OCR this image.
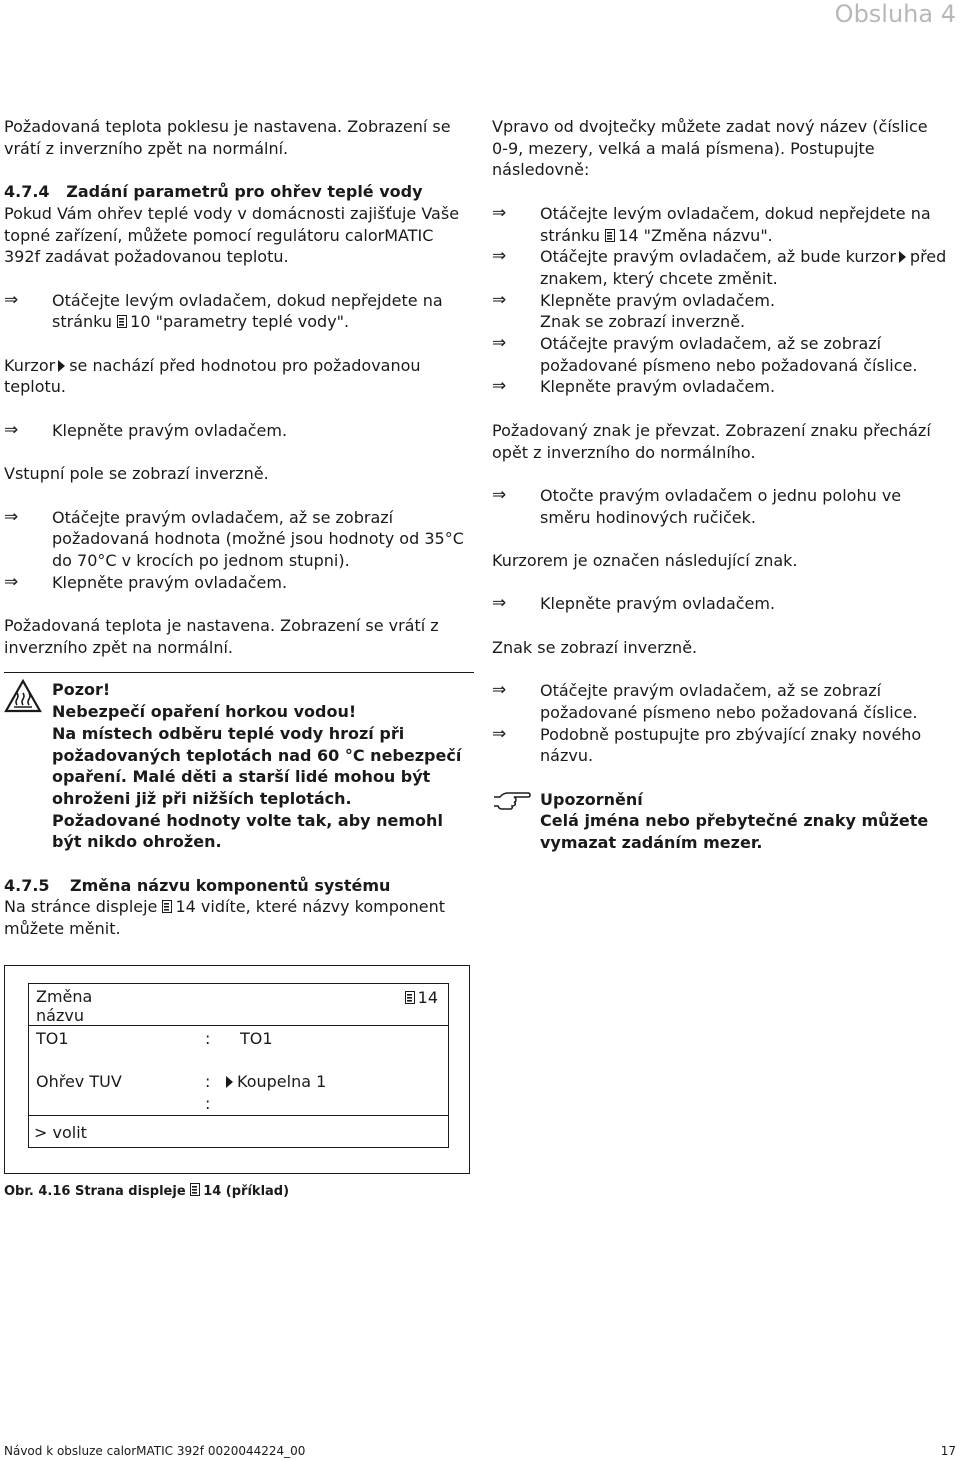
Obsluha 4

Požadovaná teplota poklesu je nastavena. Zobrazení se vrátí z inverzního zpět na normální.

4.7.4 Zadání parametrů pro ohřev teplé vody

Pokud Vám ohřev teplé vody v domácnosti zajišťuje Vaše topné zařízení, můžete pomocí regulátoru calorMATIC 392f zadávat požadovanou teplotu.

⇒	Otáčejte levým ovladačem, dokud nepřejdete na stránku 10 "parametry teplé vody".

Kurzor se nachází před hodnotou pro požadovanou teplotu.

⇒	Klepněte pravým ovladačem.

Vstupní pole se zobrazí inverzně.

⇒	Otáčejte pravým ovladačem, až se zobrazí požadovaná hodnota (možné jsou hodnoty od 35°C do 70°C v krocích po jednom stupni).
⇒	Klepněte pravým ovladačem.

Požadovaná teplota je nastavena. Zobrazení se vrátí z inverzního zpět na normální.

Pozor!
Nebezpečí opaření horkou vodou!
Na místech odběru teplé vody hrozí při požadovaných teplotách nad 60 °C nebezpečí opaření. Malé děti a starší lidé mohou být ohroženi již při nižších teplotách.
Požadované hodnoty volte tak, aby nemohl být nikdo ohrožen.
4.7.5	Změna názvu komponentů systému

Na stránce displeje 14 vidíte, které názvy komponent můžete měnit.

Vpravo od dvojtečky můžete zadat nový název (číslice 0-9, mezery, velká a malá písmena). Postupujte následovně:

⇒	Otáčejte levým ovladačem, dokud nepřejdete na stránku 14 "Změna názvu".
⇒	Otáčejte pravým ovladačem, až bude kurzor před znakem, který chcete změnit.
⇒	Klepněte pravým ovladačem.
Znak se zobrazí inverzně.
⇒	Otáčejte pravým ovladačem, až se zobrazí požadované písmeno nebo požadovaná číslice.
⇒	Klepněte pravým ovladačem.

Požadovaný znak je převzat. Zobrazení znaku přechází opět z inverzního do normálního.

⇒	Otočte pravým ovladačem o jednu polohu ve směru hodinových ručiček.

Kurzorem je označen následující znak.

⇒	Klepněte pravým ovladačem.

Znak se zobrazí inverzně.

⇒	Otáčejte pravým ovladačem, až se zobrazí požadované písmeno nebo požadovaná číslice.
⇒	Podobně postupujte pro zbývající znaky nového názvu.
Upozornění
Celá jména nebo přebytečné znaky můžete vymazat zadáním mezer.
Změna
názvu
14
TO1	: TO1
Ohřev TUV	:	Koupelna 1
:
> volit
Obr. 4.16 Strana displeje 14 (příklad)
Návod k obsluze calorMATIC 392f 0020044224_00	17
